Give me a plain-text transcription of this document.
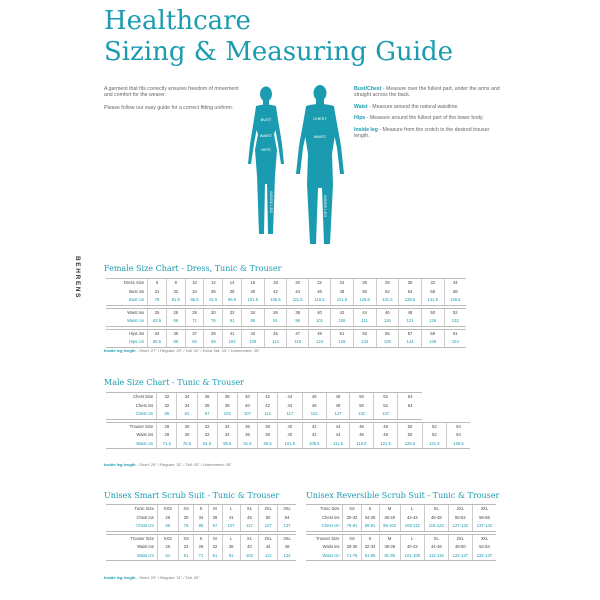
Healthcare
Sizing & Measuring Guide

A garment that fits correctly ensures freedom of movement and comfort for the wearer.

Please follow our easy guide for a correct fitting uniform.

BUST
WAIST
HIPS
CHEST
WAIST
INSIDE LEG	INSIDE LEG

Bust/Chest - Measure over the fullest part, under the arms and straight across the back.

Waist - Measure around the natural waistline.

Hips - Measure around the fullest part of the lower body.

Inside leg - Measure from the crotch to the desired trouser length.

BEHRENS	Female Size Chart - Dress, Tunic & Trouser
Dress Size	6	8	10	12	14	16	18	20	22	24	26	28	30	32	34
Bust ins	31	32	34	36	38	40	42	44	46	48	50	52	54	56	58
Bust cm	79	81.5	86.5	91.5	96.5	101.5	106.5	111.5	116.5	121.5	126.5	131.5	136.5	141.5	146.5

Waist ins	25	26	28	30	32	34	36	38	40	42	44	46	48	50	52
Waist cm	63.5	66	71	76	81	86	91	96	101	106	111	116	121	126	132

Hips ins	34	35	37	39	41	43	45	47	49	51	53	55	57	59	61
Hips cm	86.5	89	94	99	104	109	114	119	124	129	134	139	144	149	154
Inside leg length - Short: 27" / Regular: 29" / Tall: 31" / Extra Tall: 33" / Unhemmed: 35"
Male Size Chart - Tunic & Trouser
Chest Size	32	34	36	38	40	42	44	46	48	50	52	54		
Chest ins	32	34	36	38	40	42	44	46	48	50	52	54		
Chest cm	86	91	97	102	107	112	117	122	127	132	137			

Trouser Size	28	30	32	34	36	38	40	42	44	46	48	50	52	54
Waist ins	28	30	32	34	36	38	40	42	44	46	48	50	52	54
Waist cm	71.5	76.5	81.5	86.5	91.5	96.5	101.5	106.5	111.5	116.5	121.5	126.5	131.5	136.5
Inside leg length - Short: 29" / Regular: 31" / Tall: 33" / Unhemmed: 35"
Unisex Smart Scrub Suit - Tunic & Trouser
Tunic Size	XXS	XS	S	M	L	XL	2XL	3XL
Chest ins	26	30	34	38	41	46	50	54
Chest cm	66	76	86	97	107	117	127	137

Trouser Size	XXS	XS	S	M	L	XL	2XL	3XL
Waist ins	20	24	28	32	36	40	44	48
Waist cm	51	61	71	81	91	102	112	122
Inside leg length - Short: 29" / Regular: 31" / Tall: 33"
Unisex Reversible Scrub Suit - Tunic & Trouser
Tunic Size	XS	S	M	L	XL	2XL	3XL
Chest ins	30-32	34-36	38-40	42-44	46-48	50-52	56-56
Chest cm	76-81	86-91	96-102	106-112	116-122	127-132	137-142

Trouser Size	XS	S	M	L	XL	2XL	3XL
Waist ins	28-30	32-34	36-38	40-42	44-46	48-50	52-54
Waist cm	71-76	81-86	91-96	101-106	112-116	122-127	132-137
